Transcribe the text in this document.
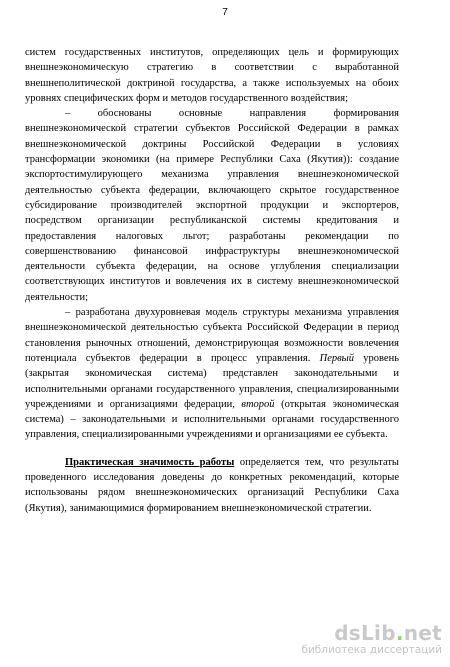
7

систем государственных институтов, определяющих цель и формирующих внешнеэкономическую стратегию в соответствии с выработанной внешнеполитической доктриной государства, а также используемых на обоих уровнях специфических форм и методов государственного воздействия;

– обоснованы основные направления формирования внешнеэкономической стратегии субъектов Российской Федерации в рамках внешнеэкономической доктрины Российской Федерации в условиях трансформации экономики (на примере Республики Саха (Якутия)): создание экспортостимулирующего механизма управления внешнеэкономической деятельностью субъекта федерации, включающего скрытое государственное субсидирование производителей экспортной продукции и экспортеров, посредством организации республиканской системы кредитования и предоставления налоговых льгот; разработаны рекомендации по совершенствованию финансовой инфраструктуры внешнеэкономической деятельности субъекта федерации, на основе углубления специализации соответствующих институтов и вовлечения их в систему внешнеэкономической деятельности;

– разработана двухуровневая модель структуры механизма управления внешнеэкономической деятельностью субъекта Российской Федерации в период становления рыночных отношений, демонстрирующая возможности вовлечения потенциала субъектов федерации в процесс управления. Первый уровень (закрытая экономическая система) представлен законодательными и исполнительными органами государственного управления, специализированными учреждениями и организациями федерации, второй (открытая экономическая система) – законодательными и исполнительными органами государственного управления, специализированными учреждениями и организациями ее субъекта.

Практическая значимость работы определяется тем, что результаты проведенного исследования доведены до конкретных рекомендаций, которые использованы рядом внешнеэкономических организаций Республики Саха (Якутия), занимающимися формированием внешнеэкономической стратегии.

dsLib.net
библиотека диссертаций
